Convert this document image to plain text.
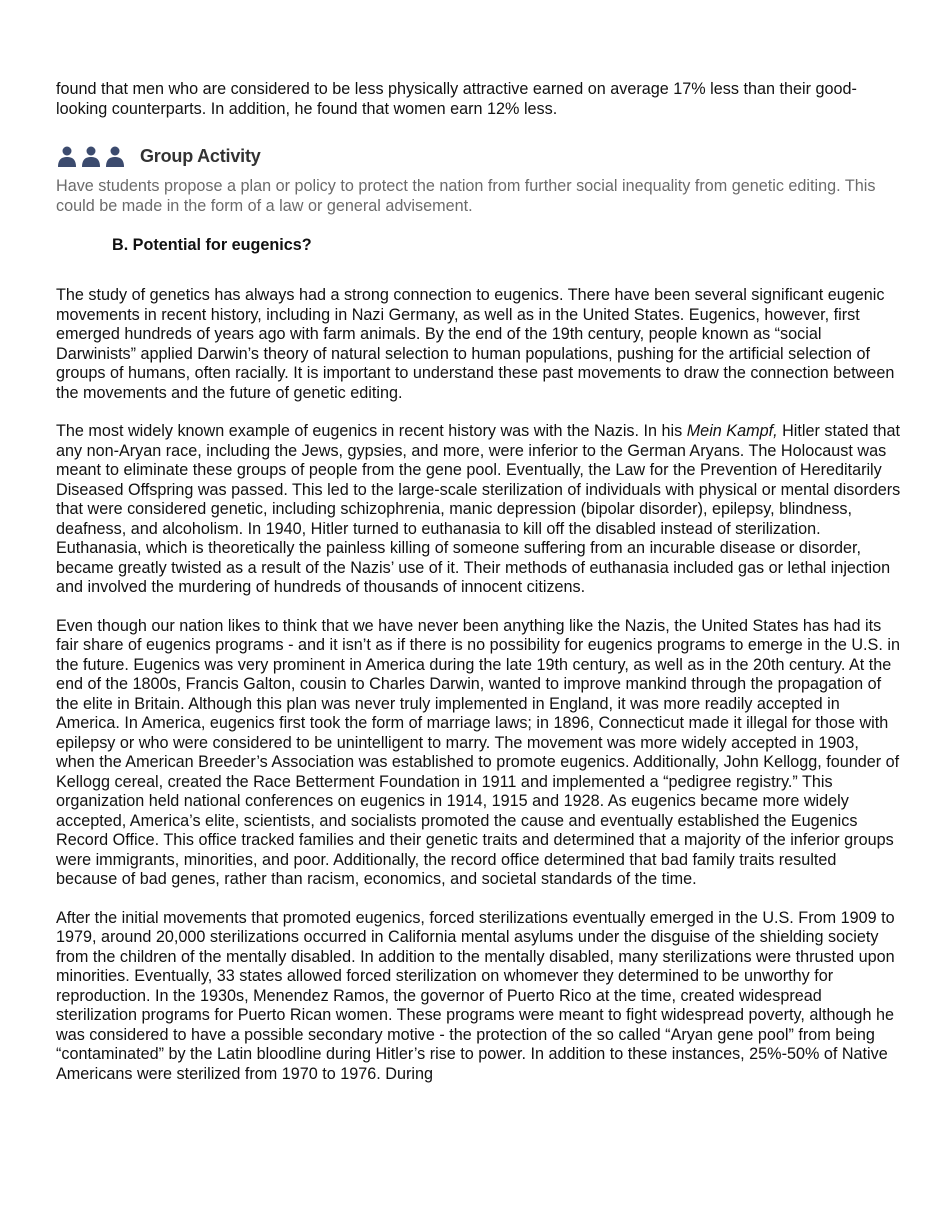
found that men who are considered to be less physically attractive earned on average 17% less than their good-looking counterparts. In addition, he found that women earn 12% less.

Group Activity

Have students propose a plan or policy to protect the nation from further social inequality from genetic editing. This could be made in the form of a law or general advisement.

B. Potential for eugenics?

The study of genetics has always had a strong connection to eugenics. There have been several significant eugenic movements in recent history, including in Nazi Germany, as well as in the United States. Eugenics, however, first emerged hundreds of years ago with farm animals. By the end of the 19th century, people known as “social Darwinists” applied Darwin’s theory of natural selection to human populations, pushing for the artificial selection of groups of humans, often racially. It is important to understand these past movements to draw the connection between the movements and the future of genetic editing.

The most widely known example of eugenics in recent history was with the Nazis. In his Mein Kampf, Hitler stated that any non-Aryan race, including the Jews, gypsies, and more, were inferior to the German Aryans. The Holocaust was meant to eliminate these groups of people from the gene pool. Eventually, the Law for the Prevention of Hereditarily Diseased Offspring was passed. This led to the large-scale sterilization of individuals with physical or mental disorders that were considered genetic, including schizophrenia, manic depression (bipolar disorder), epilepsy, blindness, deafness, and alcoholism. In 1940, Hitler turned to euthanasia to kill off the disabled instead of sterilization. Euthanasia, which is theoretically the painless killing of someone suffering from an incurable disease or disorder, became greatly twisted as a result of the Nazis’ use of it. Their methods of euthanasia included gas or lethal injection and involved the murdering of hundreds of thousands of innocent citizens.

Even though our nation likes to think that we have never been anything like the Nazis, the United States has had its fair share of eugenics programs - and it isn’t as if there is no possibility for eugenics programs to emerge in the U.S. in the future. Eugenics was very prominent in America during the late 19th century, as well as in the 20th century. At the end of the 1800s, Francis Galton, cousin to Charles Darwin, wanted to improve mankind through the propagation of the elite in Britain. Although this plan was never truly implemented in England, it was more readily accepted in America. In America, eugenics first took the form of marriage laws; in 1896, Connecticut made it illegal for those with epilepsy or who were considered to be unintelligent to marry. The movement was more widely accepted in 1903, when the American Breeder’s Association was established to promote eugenics. Additionally, John Kellogg, founder of Kellogg cereal, created the Race Betterment Foundation in 1911 and implemented a “pedigree registry.” This organization held national conferences on eugenics in 1914, 1915 and 1928. As eugenics became more widely accepted, America’s elite, scientists, and socialists promoted the cause and eventually established the Eugenics Record Office. This office tracked families and their genetic traits and determined that a majority of the inferior groups were immigrants, minorities, and poor. Additionally, the record office determined that bad family traits resulted because of bad genes, rather than racism, economics, and societal standards of the time.

After the initial movements that promoted eugenics, forced sterilizations eventually emerged in the U.S. From 1909 to 1979, around 20,000 sterilizations occurred in California mental asylums under the disguise of the shielding society from the children of the mentally disabled. In addition to the mentally disabled, many sterilizations were thrusted upon minorities. Eventually, 33 states allowed forced sterilization on whomever they determined to be unworthy for reproduction. In the 1930s, Menendez Ramos, the governor of Puerto Rico at the time, created widespread sterilization programs for Puerto Rican women. These programs were meant to fight widespread poverty, although he was considered to have a possible secondary motive - the protection of the so called “Aryan gene pool” from being “contaminated” by the Latin bloodline during Hitler’s rise to power. In addition to these instances, 25%-50% of Native Americans were sterilized from 1970 to 1976. During
